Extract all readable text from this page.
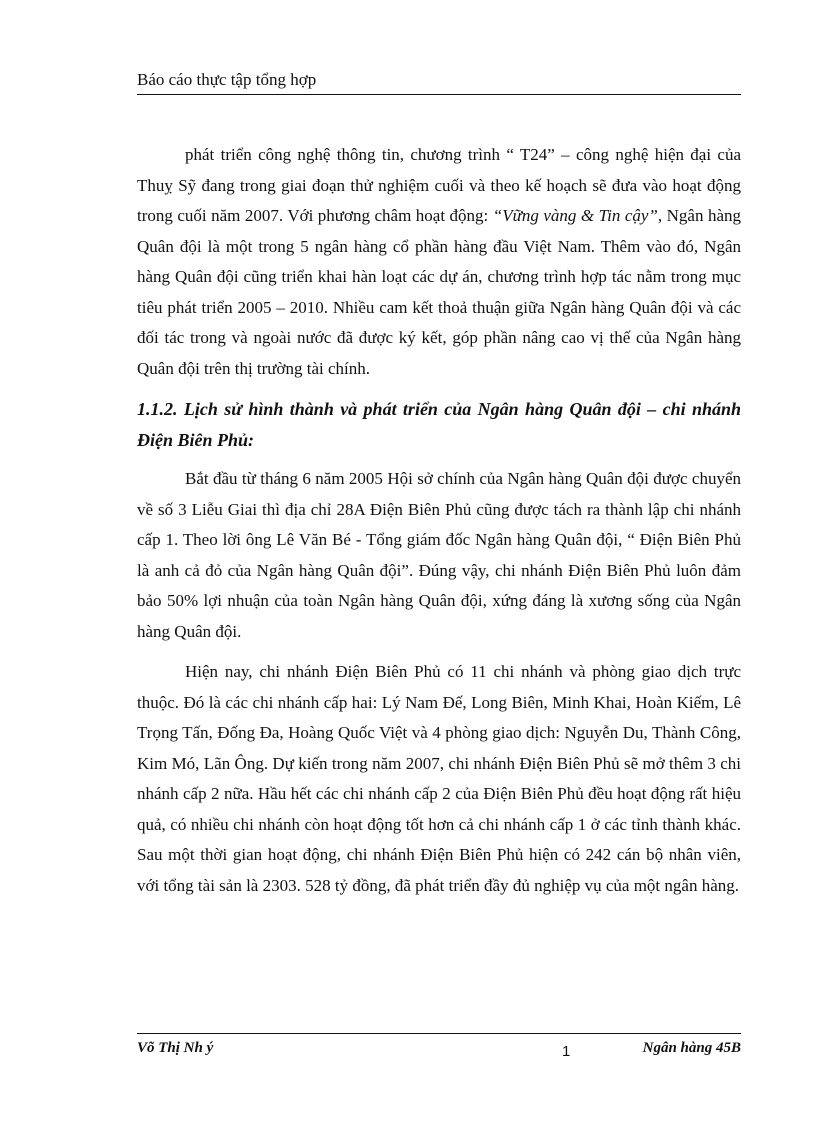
Báo cáo thực tập tổng hợp

phát triển công nghệ thông tin, chương trình “ T24” – công nghệ hiện đại của Thuỵ Sỹ đang trong giai đoạn thử nghiệm cuối và theo kế hoạch sẽ đưa vào hoạt động trong cuối năm 2007. Với phương châm hoạt động: “Vững vàng & Tin cậy”, Ngân hàng Quân đội là một trong 5 ngân hàng cổ phần hàng đầu Việt Nam. Thêm vào đó, Ngân hàng Quân đội cũng triển khai hàn loạt các dự án, chương trình hợp tác nằm trong mục tiêu phát triển 2005 – 2010. Nhiều cam kết thoả thuận giữa Ngân hàng Quân đội và các đối tác trong và ngoài nước đã được ký kết, góp phần nâng cao vị thế của Ngân hàng Quân đội trên thị trường tài chính.

1.1.2. Lịch sử hình thành và phát triển của Ngân hàng Quân đội – chi nhánh Điện Biên Phủ:

Bắt đầu từ tháng 6 năm 2005 Hội sở chính của Ngân hàng Quân đội được chuyển về số 3 Liễu Giai thì địa chỉ 28A Điện Biên Phủ cũng được tách ra thành lập chi nhánh cấp 1. Theo lời ông Lê Văn Bé - Tổng giám đốc Ngân hàng Quân đội, “ Điện Biên Phủ là anh cả đỏ của Ngân hàng Quân đội”. Đúng vậy, chi nhánh Điện Biên Phủ luôn đảm bảo 50% lợi nhuận của toàn Ngân hàng Quân đội, xứng đáng là xương sống của Ngân hàng Quân đội.

Hiện nay, chi nhánh Điện Biên Phủ có 11 chi nhánh và phòng giao dịch trực thuộc. Đó là các chi nhánh cấp hai: Lý Nam Đế, Long Biên, Minh Khai, Hoàn Kiếm, Lê Trọng Tấn, Đống Đa, Hoàng Quốc Việt và 4 phòng giao dịch: Nguyễn Du, Thành Công, Kim Mó, Lãn Ông. Dự kiến trong năm 2007, chi nhánh Điện Biên Phủ sẽ mở thêm 3 chi nhánh cấp 2 nữa. Hầu hết các chi nhánh cấp 2 của Điện Biên Phủ đều hoạt động rất hiệu quả, có nhiều chi nhánh còn hoạt động tốt hơn cả chi nhánh cấp 1 ở các tỉnh thành khác. Sau một thời gian hoạt động, chi nhánh Điện Biên Phủ hiện có 242 cán bộ nhân viên, với tổng tài sản là 2303. 528 tỷ đồng, đã phát triển đầy đủ nghiệp vụ của một ngân hàng.

Võ Thị Nh ý	1	Ngân hàng 45B
